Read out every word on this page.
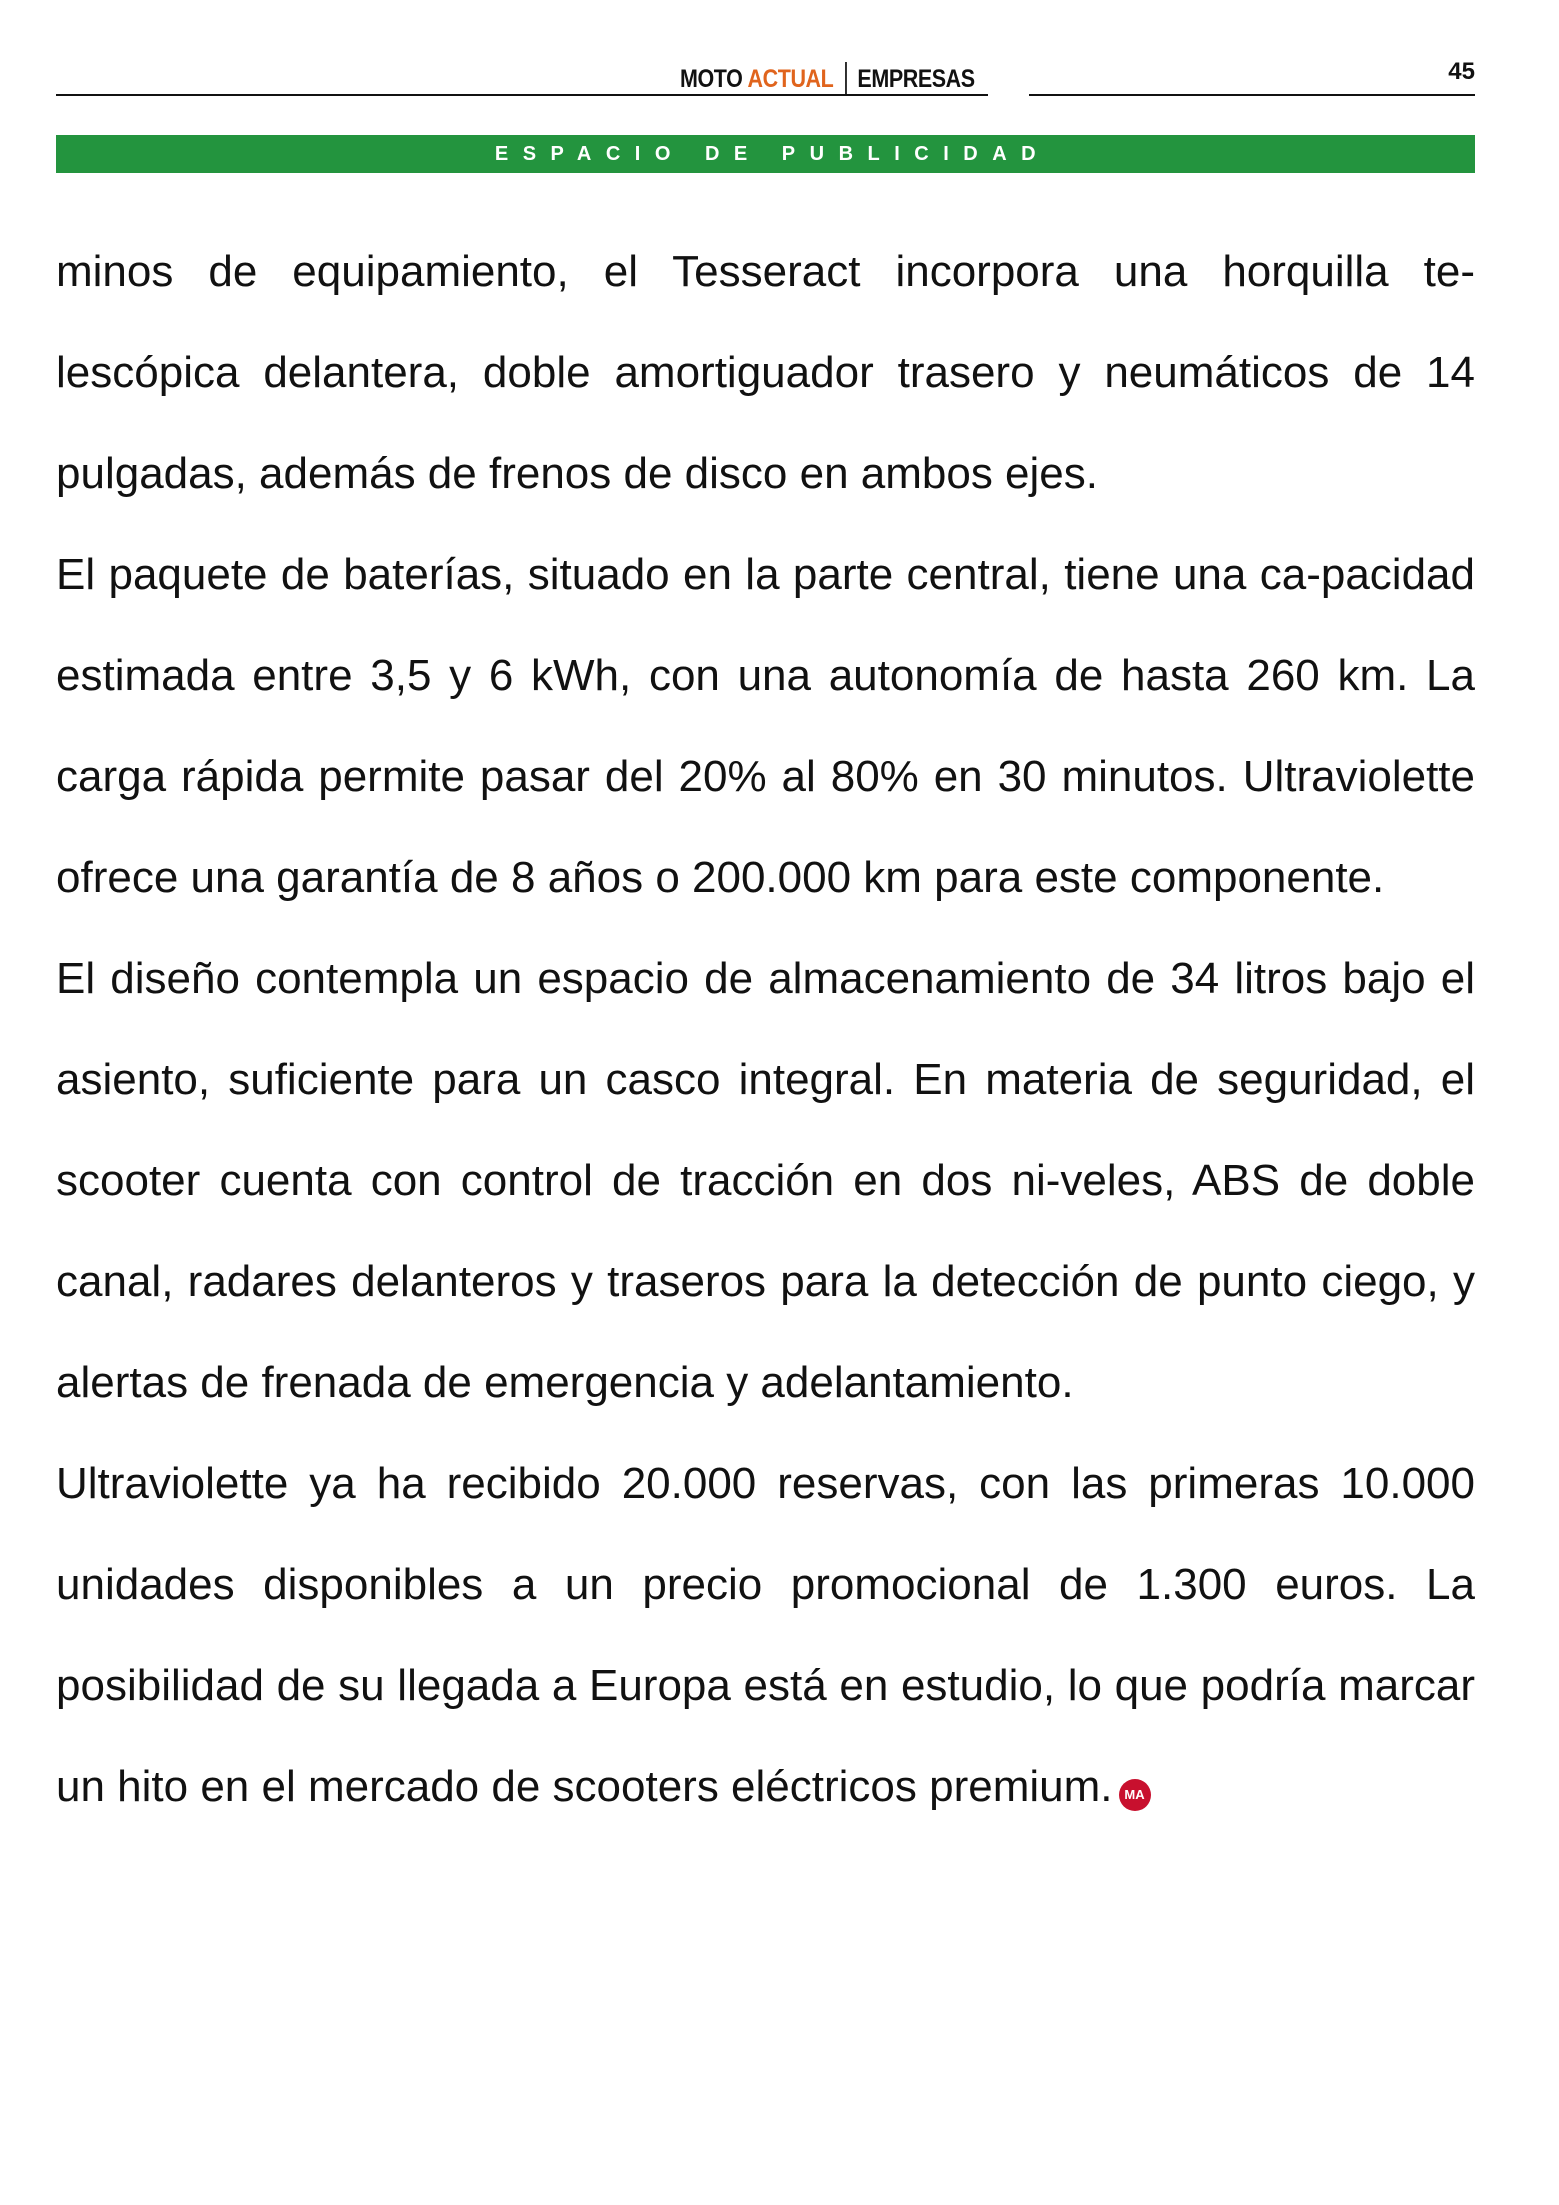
MOTO ACTUAL EMPRESAS	45
ESPACIO DE PUBLICIDAD

minos de equipamiento, el Tesseract incorpora una horquilla te-lescópica delantera, doble amortiguador trasero y neumáticos de 14 pulgadas, además de frenos de disco en ambos ejes.

El paquete de baterías, situado en la parte central, tiene una ca-pacidad estimada entre 3,5 y 6 kWh, con una autonomía de hasta 260 km. La carga rápida permite pasar del 20% al 80% en 30 minutos. Ultraviolette ofrece una garantía de 8 años o 200.000 km para este componente.

El diseño contempla un espacio de almacenamiento de 34 litros bajo el asiento, suficiente para un casco integral. En materia de seguridad, el scooter cuenta con control de tracción en dos ni-veles, ABS de doble canal, radares delanteros y traseros para la detección de punto ciego, y alertas de frenada de emergencia y adelantamiento.

Ultraviolette ya ha recibido 20.000 reservas, con las primeras 10.000 unidades disponibles a un precio promocional de 1.300 euros. La posibilidad de su llegada a Europa está en estudio, lo que podría marcar un hito en el mercado de scooters eléctricos premium. MA
